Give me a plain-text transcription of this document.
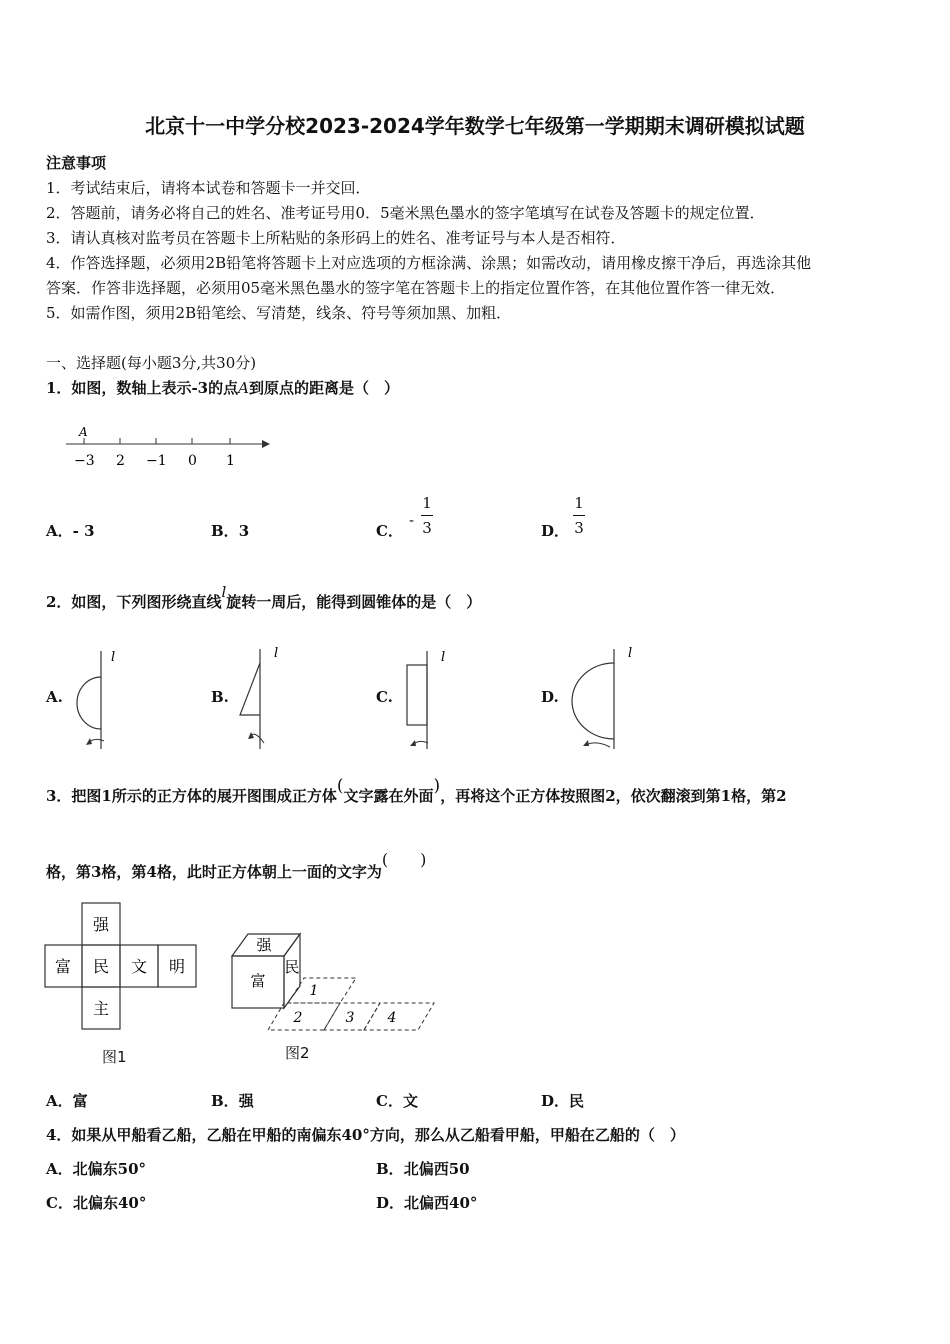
北京十一中学分校2023-2024学年数学七年级第一学期期末调研模拟试题
注意事项
1．考试结束后，请将本试卷和答题卡一并交回．
2．答题前，请务必将自己的姓名、准考证号用0．5毫米黑色墨水的签字笔填写在试卷及答题卡的规定位置．
3．请认真核对监考员在答题卡上所粘贴的条形码上的姓名、准考证号与本人是否相符．
4．作答选择题，必须用2B铅笔将答题卡上对应选项的方框涂满、涂黑；如需改动，请用橡皮擦干净后，再选涂其他
答案．作答非选择题，必须用05毫米黑色墨水的签字笔在答题卡上的指定位置作答，在其他位置作答一律无效．
5．如需作图，须用2B铅笔绘、写清楚，线条、符号等须加黑、加粗．
一、选择题(每小题3分,共30分)
1．如图，数轴上表示-3的点A到原点的距离是（　）
A
−3 2 −1 0 1
A．- 3	B．3	C．
-
1
3	D．
1
3
2．如图，下列图形绕直线l旋转一周后，能得到圆锥体的是（　）
A.	B.	C.	D.
l	l	l	l
3．把图1所示的正方体的展开图围成正方体(文字露在外面)，再将这个正方体按照图2，依次翻滚到第1格，第2
格，第3格，第4格，此时正方体朝上一面的文字为(　　)
强
富 民 文 明
主
图1
强
富
民
1
2	3 4
图2
A．富	B．强	C．文	D．民
4．如果从甲船看乙船，乙船在甲船的南偏东40°方向，那么从乙船看甲船，甲船在乙船的（　）
A．北偏东50°	B．北偏西50
C．北偏东40°	D．北偏西40°
